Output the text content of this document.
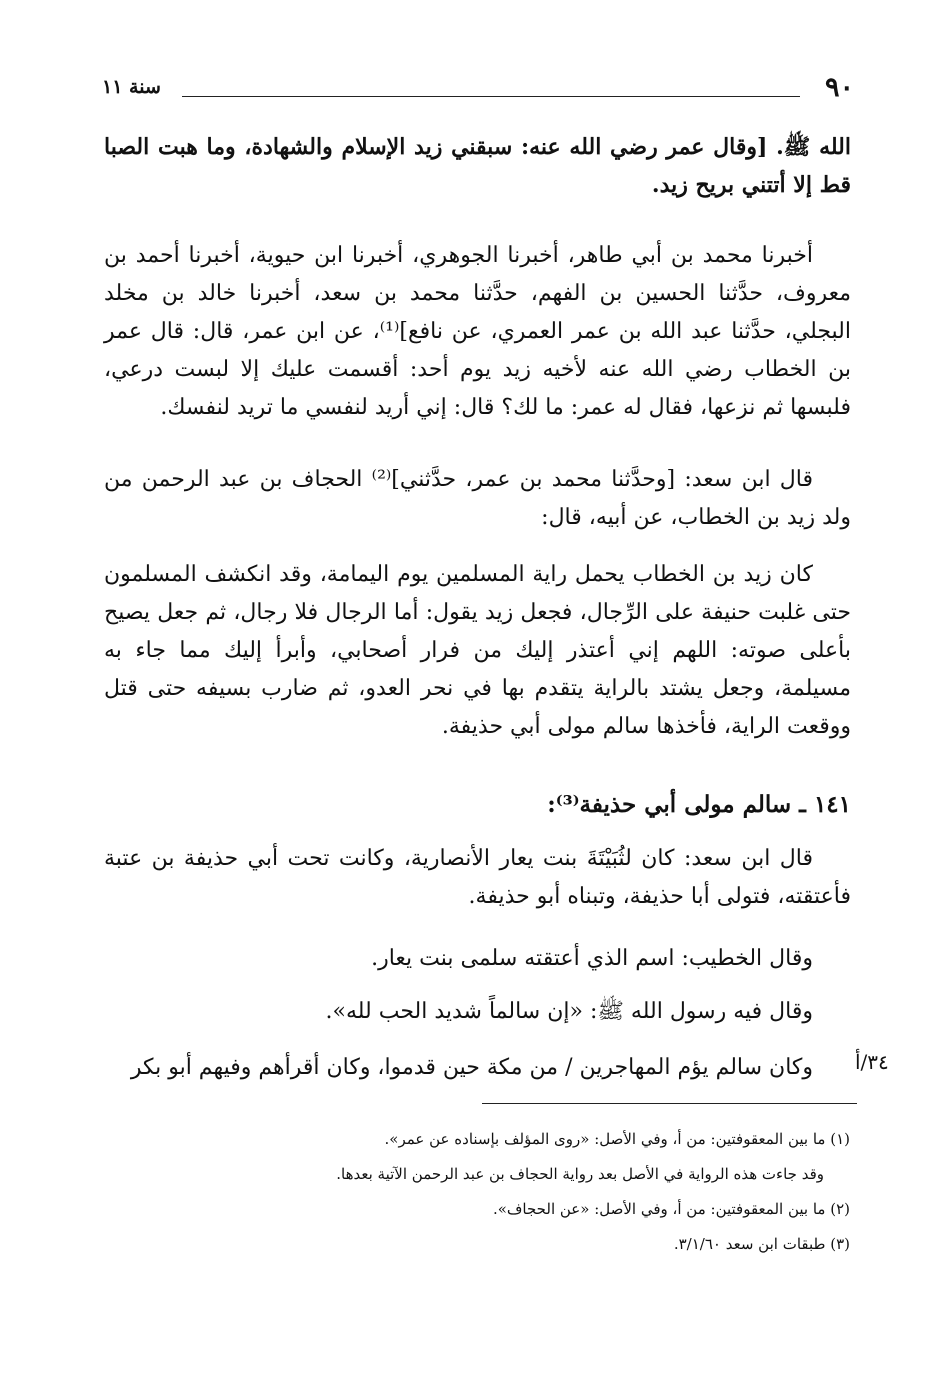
٩٠
سنة ١١

الله ﷺ. [وقال عمر رضي الله عنه: سبقني زيد الإسلام والشهادة، وما هبت الصبا قط إلا أتتني بريح زيد.

أخبرنا محمد بن أبي طاهر، أخبرنا الجوهري، أخبرنا ابن حيوية، أخبرنا أحمد بن معروف، حدَّثنا الحسين بن الفهم، حدَّثنا محمد بن سعد، أخبرنا خالد بن مخلد البجلي، حدَّثنا عبد الله بن عمر العمري، عن نافع]⁽¹⁾، عن ابن عمر، قال: قال عمر بن الخطاب رضي الله عنه لأخيه زيد يوم أحد: أقسمت عليك إلا لبست درعي، فلبسها ثم نزعها، فقال له عمر: ما لك؟ قال: إني أريد لنفسي ما تريد لنفسك.

قال ابن سعد: [وحدَّثنا محمد بن عمر، حدَّثني]⁽²⁾ الحجاف بن عبد الرحمن من ولد زيد بن الخطاب، عن أبيه، قال:

كان زيد بن الخطاب يحمل راية المسلمين يوم اليمامة، وقد انكشف المسلمون حتى غلبت حنيفة على الرِّجال، فجعل زيد يقول: أما الرجال فلا رجال، ثم جعل يصيح بأعلى صوته: اللهم إني أعتذر إليك من فرار أصحابي، وأبرأ إليك مما جاء به مسيلمة، وجعل يشتد بالراية يتقدم بها في نحر العدو، ثم ضارب بسيفه حتى قتل ووقعت الراية، فأخذها سالم مولى أبي حذيفة.

١٤١ ـ سالم مولى أبي حذيفة⁽³⁾:

قال ابن سعد: كان لثُبَيْتَةَ بنت يعار الأنصارية، وكانت تحت أبي حذيفة بن عتبة فأعتقته، فتولى أبا حذيفة، وتبناه أبو حذيفة.

وقال الخطيب: اسم الذي أعتقته سلمى بنت يعار.

وقال فيه رسول الله ﷺ: «إن سالماً شديد الحب لله».

وكان سالم يؤم المهاجرين / من مكة حين قدموا، وكان أقرأهم وفيهم أبو بكر	٣٤/أ

(١) ما بين المعقوفتين: من أ، وفي الأصل: «روى المؤلف بإسناده عن عمر».

وقد جاءت هذه الرواية في الأصل بعد رواية الحجاف بن عبد الرحمن الآتية بعدها.

(٢) ما بين المعقوفتين: من أ، وفي الأصل: «عن الحجاف».

(٣) طبقات ابن سعد ٣/١/٦٠.
